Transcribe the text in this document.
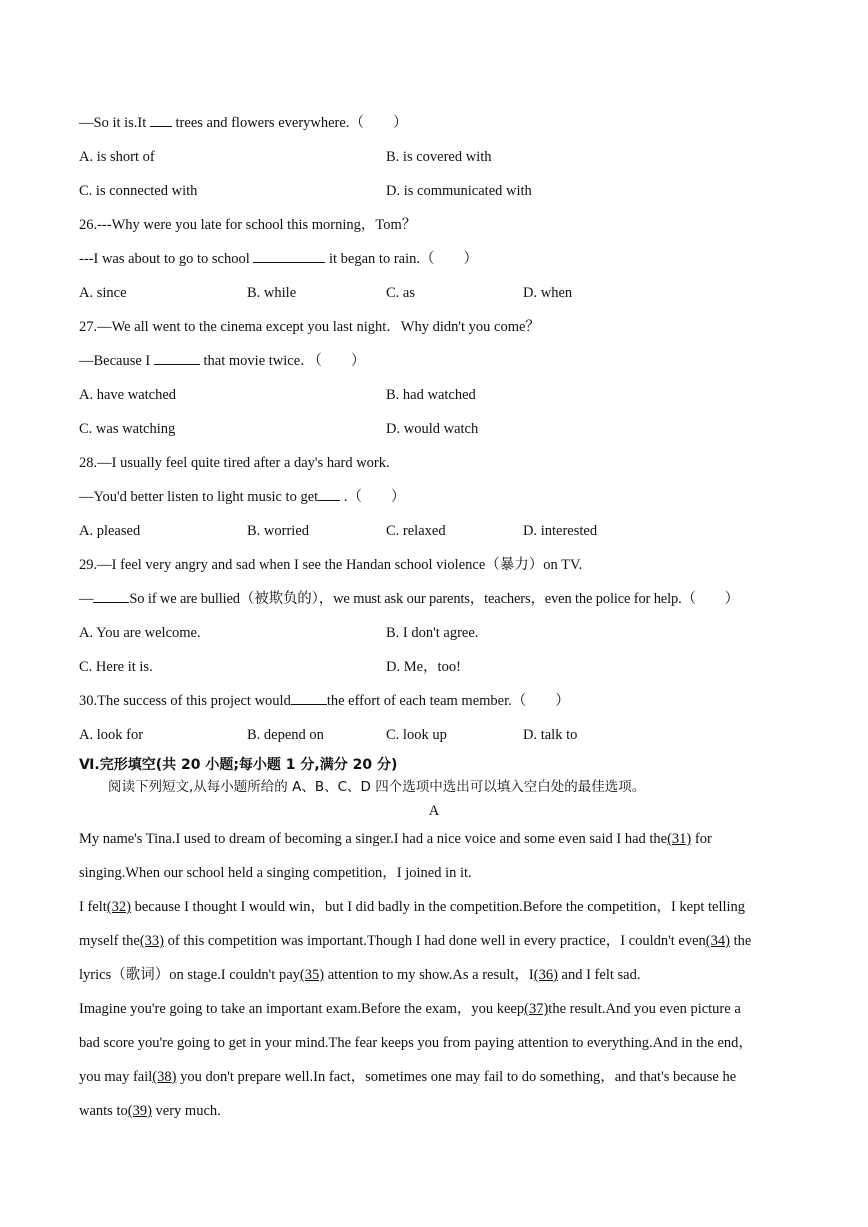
—So it is.It  trees and flowers everywhere.（　　）
A. is short of	B. is covered with
C. is connected with	D. is communicated with
26.---Why were you late for school this morning，Tom？
---I was about to go to school	it began to rain.（　　）
A. since	B. while	C. as	D. when
27.—We all went to the cinema except you last night．Why didn't you come？
—Because I	that movie twice．（　　）
A. have watched	B. had watched
C. was watching	D. would watch
28.—I usually feel quite tired after a day's hard work.
—You'd better listen to light music to get .（　　）
A. pleased	B. worried	C. relaxed	D. interested
29.—I feel very angry and sad when I see the Handan school violence（暴力）on TV.
— So if we are bullied（被欺负的），we must ask our parents，teachers，even the police for help.（　　）
A. You are welcome.	B. I don't agree.
C. Here it is.	D. Me，too!
30.The success of this project would the effort of each team member.（　　）
A. look for	B. depend on	C. look up	D. talk to
Ⅵ.完形填空(共 20 小题;每小题 1 分,满分 20 分)
阅读下列短文,从每小题所给的 A、B、C、D 四个选项中选出可以填入空白处的最佳选项。
A
My name's Tina.I used to dream of becoming a singer.I had a nice voice and some even said I had the(31) for
singing.When our school held a singing competition，I joined in it.
I felt(32) because I thought I would win，but I did badly in the competition.Before the competition，I kept telling
myself the(33) of this competition was important.Though I had done well in every practice，I couldn't even(34) the
lyrics（歌词）on stage.I couldn't pay(35) attention to my show.As a result，I(36) and I felt sad.
Imagine you're going to take an important exam.Before the exam，you keep(37)the result.And you even picture a
bad score you're going to get in your mind.The fear keeps you from paying attention to everything.And in the end，
you may fail(38) you don't prepare well.In fact，sometimes one may fail to do something，and that's because he
wants to(39) very much.
